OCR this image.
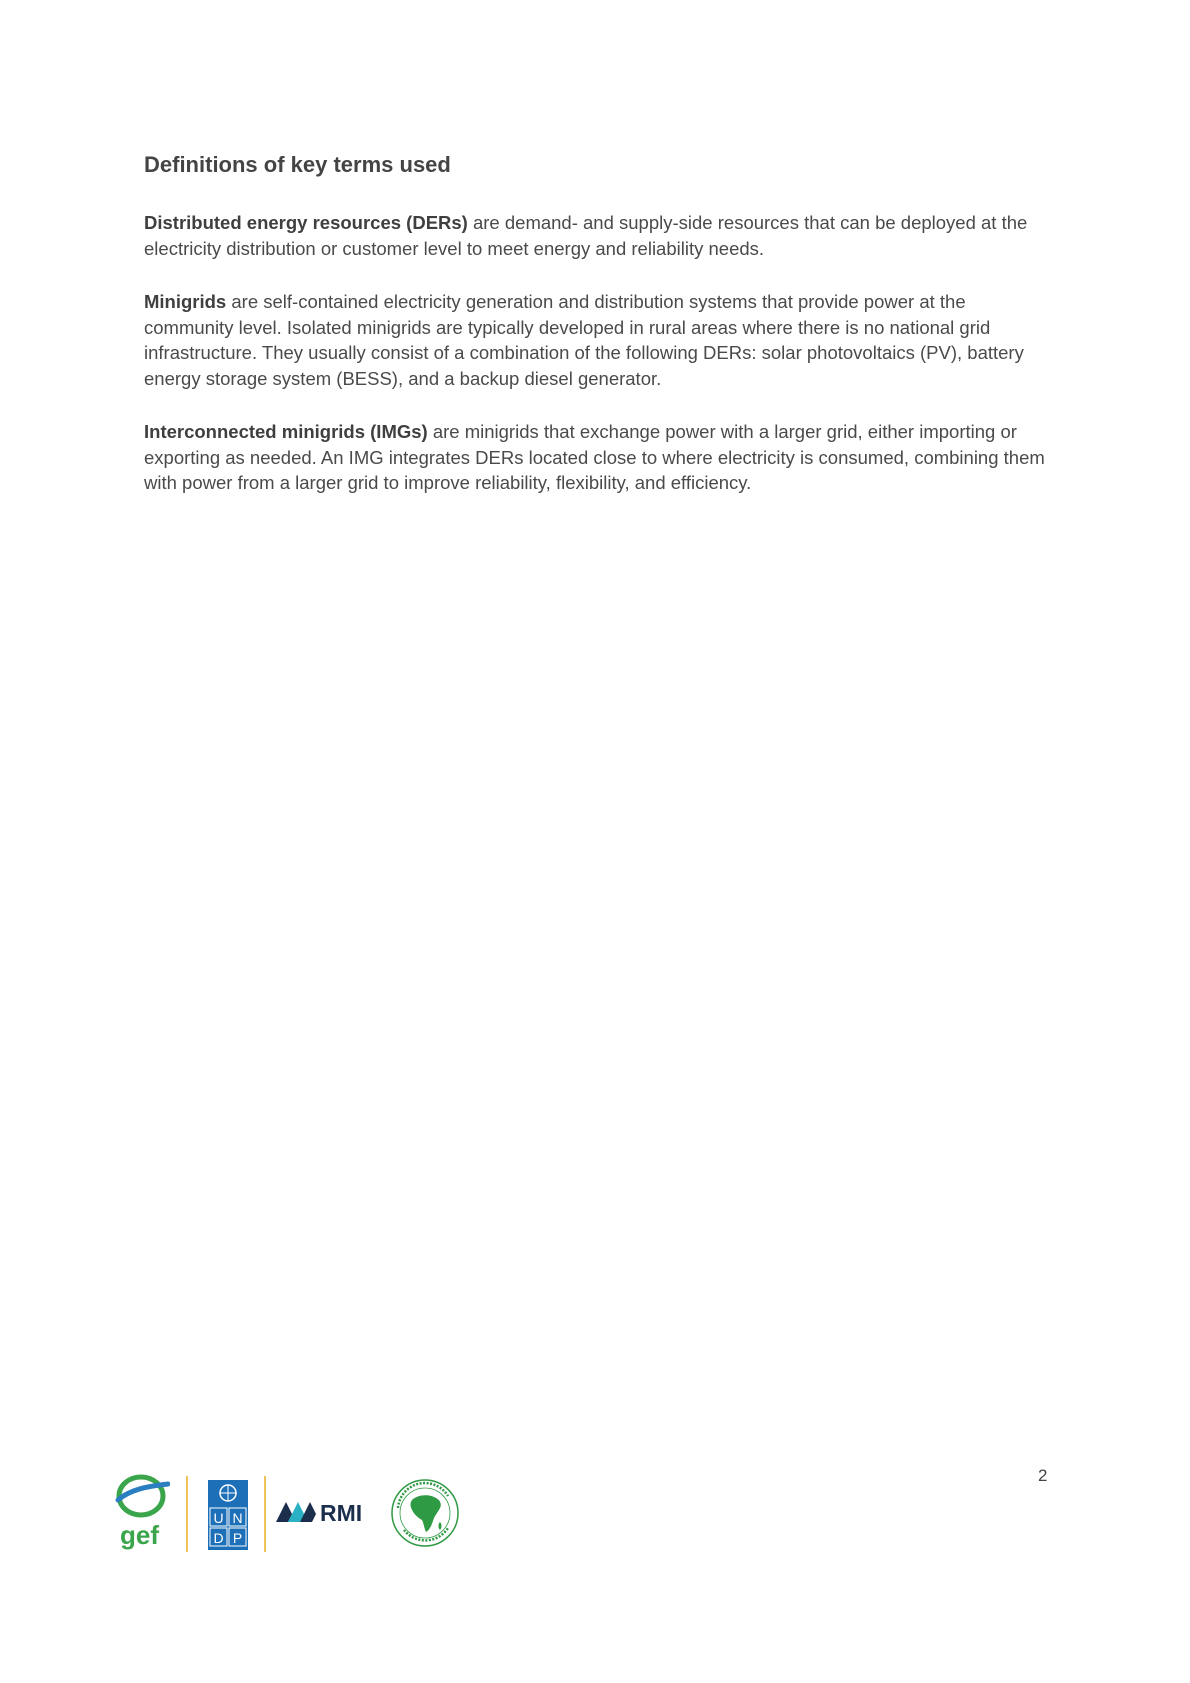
Definitions of key terms used

Distributed energy resources (DERs) are demand- and supply-side resources that can be deployed at the electricity distribution or customer level to meet energy and reliability needs.

Minigrids are self-contained electricity generation and distribution systems that provide power at the community level. Isolated minigrids are typically developed in rural areas where there is no national grid infrastructure. They usually consist of a combination of the following DERs: solar photovoltaics (PV), battery energy storage system (BESS), and a backup diesel generator.

Interconnected minigrids (IMGs) are minigrids that exchange power with a larger grid, either importing or exporting as needed. An IMG integrates DERs located close to where electricity is consumed, combining them with power from a larger grid to improve reliability, flexibility, and efficiency.

2
gef
U N
D P
RMI
